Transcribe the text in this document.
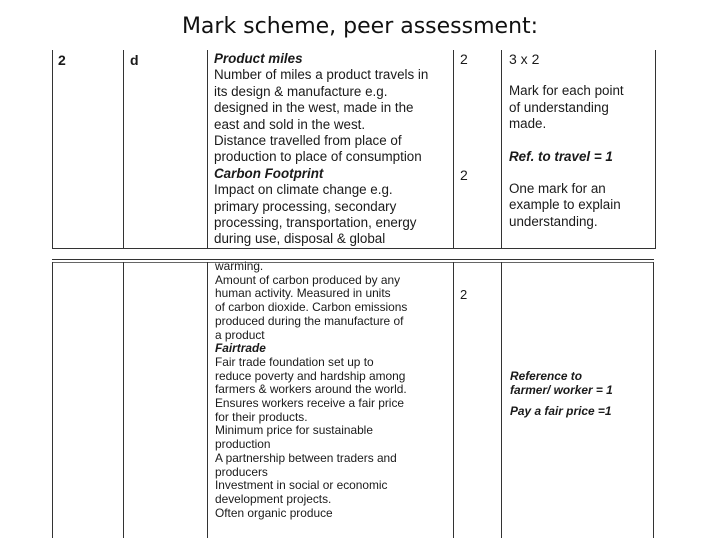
Mark scheme, peer assessment:
2	d	Product miles
Number of miles a product travels in
its design & manufacture e.g.
designed in the west, made in the
east and sold in the west.
Distance travelled from place of
production to place of consumption
Carbon Footprint
Impact on climate change e.g.
primary processing, secondary
processing, transportation, energy
during use, disposal & global
2
2
3 x 2
Mark for each point
of understanding
made.
Ref. to travel = 1
One mark for an
example to explain
understanding.
warming.
Amount of carbon produced by any
human activity. Measured in units
of carbon dioxide. Carbon emissions
produced during the manufacture of
a product
Fairtrade
Fair trade foundation set up to
reduce poverty and hardship among
farmers & workers around the world.
Ensures workers receive a fair price
for their products.
Minimum price for sustainable
production
A partnership between traders and
producers
Investment in social or economic
development projects.
Often organic produce
2
Reference to
farmer/ worker = 1
Pay a fair price =1
